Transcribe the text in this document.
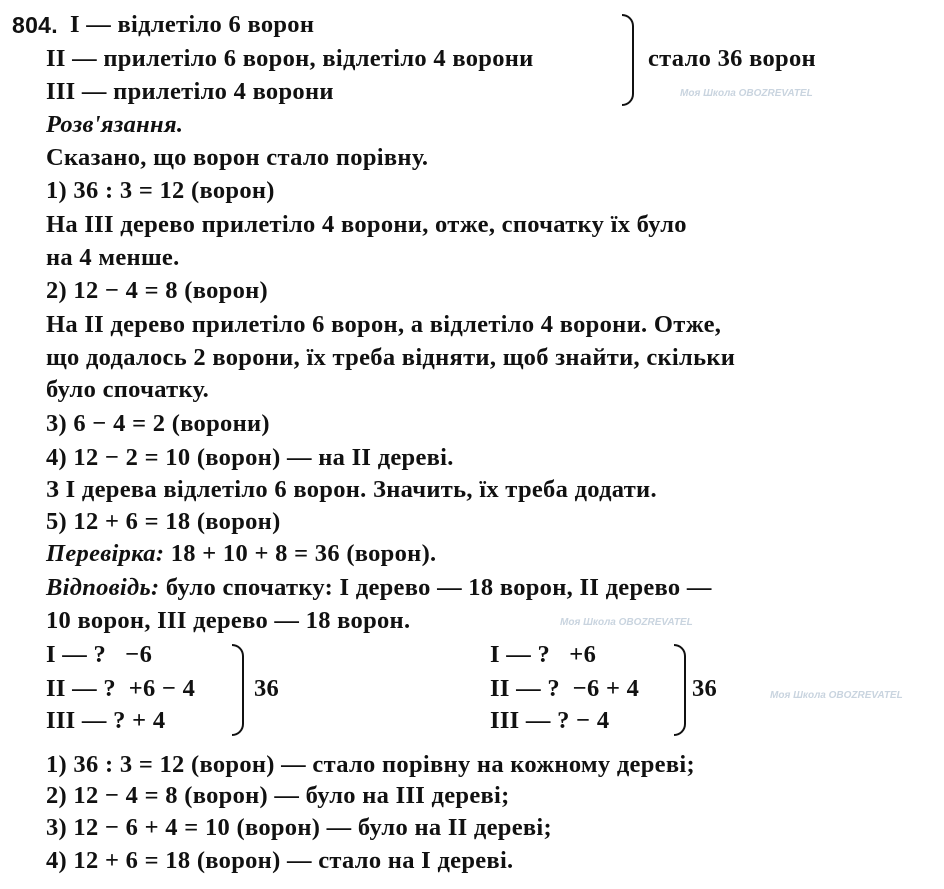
Моя Школа OBOZREVATEL
Моя Школа OBOZREVATEL
Моя Школа OBOZREVATEL
804. I — відлетіло 6 ворон
II — прилетіло 6 ворон, відлетіло 4 ворони
III — прилетіло 4 ворони
стало 36 ворон
Розв'язання.
Сказано, що ворон стало порівну.
1) 36 : 3 = 12 (ворон)
На III дерево прилетіло 4 ворони, отже, спочатку їх було
на 4 менше.
2) 12 − 4 = 8 (ворон)
На II дерево прилетіло 6 ворон, а відлетіло 4 ворони. Отже,
що додалось 2 ворони, їх треба відняти, щоб знайти, скільки
було спочатку.
3) 6 − 4 = 2 (ворони)
4) 12 − 2 = 10 (ворон) — на II дереві.
З I дерева відлетіло 6 ворон. Значить, їх треба додати.
5) 12 + 6 = 18 (ворон)
Перевірка: 18 + 10 + 8 = 36 (ворон).
Відповідь: було спочатку: I дерево — 18 ворон, II дерево —
10 ворон, III дерево — 18 ворон.
I — ?   −6
II — ?  +6 − 4
III — ? + 4
36
I — ?   +6
II — ?  −6 + 4
III — ? − 4
36
1) 36 : 3 = 12 (ворон) — стало порівну на кожному дереві;
2) 12 − 4 = 8 (ворон) — було на III дереві;
3) 12 − 6 + 4 = 10 (ворон) — було на II дереві;
4) 12 + 6 = 18 (ворон) — стало на I дереві.
